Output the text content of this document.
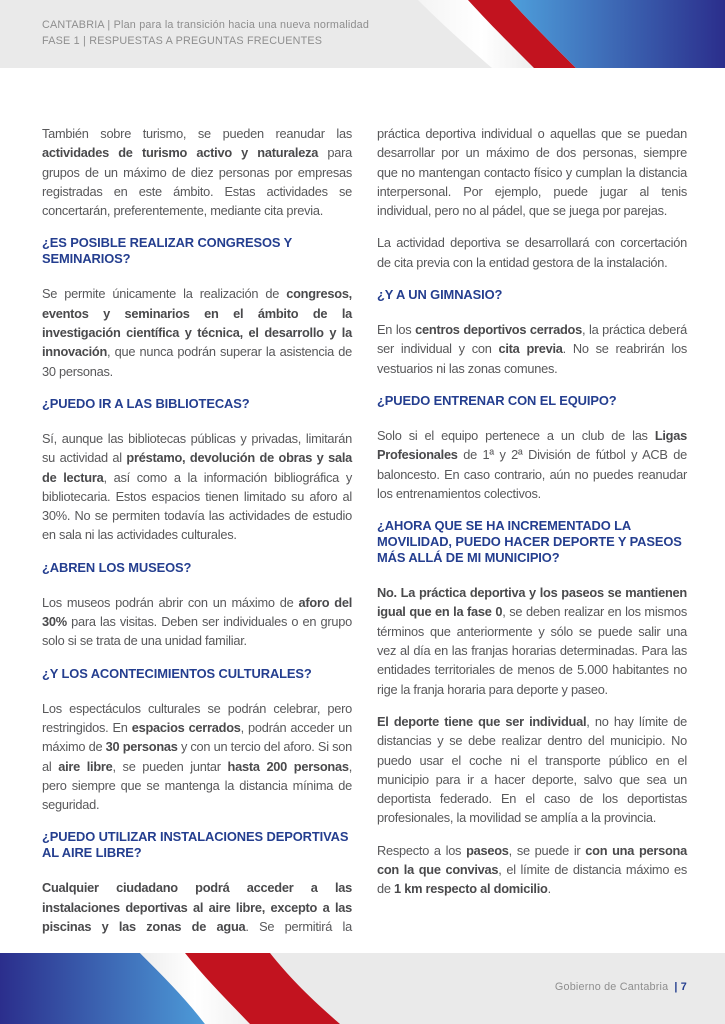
CANTABRIA | Plan para la transición hacia una nueva normalidad
FASE 1 | RESPUESTAS A PREGUNTAS FRECUENTES

También sobre turismo, se pueden reanudar las actividades de turismo activo y naturaleza para grupos de un máximo de diez personas por empresas registradas en este ámbito. Estas actividades se concertarán, preferentemente, mediante cita previa.

¿ES POSIBLE REALIZAR CONGRESOS Y SEMINARIOS?

Se permite únicamente la realización de congresos, eventos y seminarios en el ámbito de la investigación científica y técnica, el desarrollo y la innovación, que nunca podrán superar la asistencia de 30 personas.

¿PUEDO IR A LAS BIBLIOTECAS?

Sí, aunque las bibliotecas públicas y privadas, limitarán su actividad al préstamo, devolución de obras y sala de lectura, así como a la información bibliográfica y bibliotecaria. Estos espacios tienen limitado su aforo al 30%. No se permiten todavía las actividades de estudio en sala ni las actividades culturales.

¿ABREN LOS MUSEOS?

Los museos podrán abrir con un máximo de aforo del 30% para las visitas. Deben ser individuales o en grupo solo si se trata de una unidad familiar.

¿Y LOS ACONTECIMIENTOS CULTURALES?

Los espectáculos culturales se podrán celebrar, pero restringidos. En espacios cerrados, podrán acceder un máximo de 30 personas y con un tercio del aforo. Si son al aire libre, se pueden juntar hasta 200 personas, pero siempre que se mantenga la distancia mínima de seguridad.

¿PUEDO UTILIZAR INSTALACIONES DEPORTIVAS AL AIRE LIBRE?

Cualquier ciudadano podrá acceder a las instalaciones deportivas al aire libre, excepto a las piscinas y las zonas de agua. Se permitirá la

práctica deportiva individual o aquellas que se puedan desarrollar por un máximo de dos personas, siempre que no mantengan contacto físico y cumplan la distancia interpersonal. Por ejemplo, puede jugar al tenis individual, pero no al pádel, que se juega por parejas.

La actividad deportiva se desarrollará con corcertación de cita previa con la entidad gestora de la instalación.

¿Y A UN GIMNASIO?

En los centros deportivos cerrados, la práctica deberá ser individual y con cita previa. No se reabrirán los vestuarios ni las zonas comunes.

¿PUEDO ENTRENAR CON EL EQUIPO?

Solo si el equipo pertenece a un club de las Ligas Profesionales de 1ª y 2ª División de fútbol y ACB de baloncesto. En caso contrario, aún no puedes reanudar los entrenamientos colectivos.

¿AHORA QUE SE HA INCREMENTADO LA MOVILIDAD, PUEDO HACER DEPORTE Y PASEOS MÁS ALLÁ DE MI MUNICIPIO?

No. La práctica deportiva y los paseos se mantienen igual que en la fase 0, se deben realizar en los mismos términos que anteriormente y sólo se puede salir una vez al día en las franjas horarias determinadas. Para las entidades territoriales de menos de 5.000 habitantes no rige la franja horaria para deporte y paseo.

El deporte tiene que ser individual, no hay límite de distancias y se debe realizar dentro del municipio. No puedo usar el coche ni el transporte público en el municipio para ir a hacer deporte, salvo que sea un deportista federado. En el caso de los deportistas profesionales, la movilidad se amplía a la provincia.

Respecto a los paseos, se puede ir con una persona con la que convivas, el límite de distancia máximo es de 1 km respecto al domicilio.

Gobierno de Cantabria | 7
